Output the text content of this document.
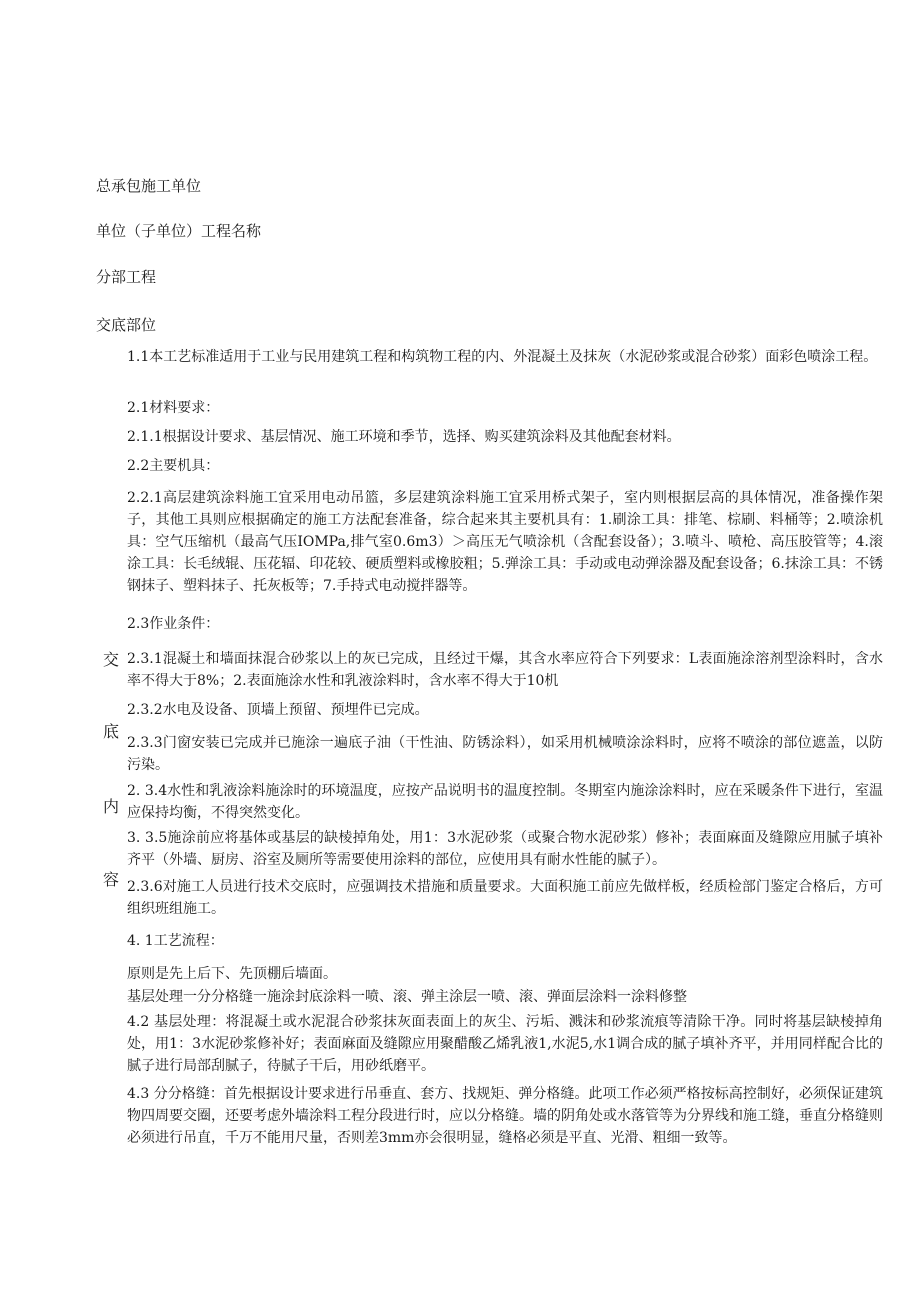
总承包施工单位
单位（子单位）工程名称
分部工程
交底部位
交
底
内
容
1.1本工艺标准适用于工业与民用建筑工程和构筑物工程的内、外混凝土及抹灰（水泥砂浆或混合砂浆）面彩色喷涂工程。
2.1材料要求：
2.1.1根据设计要求、基层情况、施工环境和季节，选择、购买建筑涂料及其他配套材料。
2.2主要机具：
2.2.1高层建筑涂料施工宜采用电动吊篮，多层建筑涂料施工宜采用桥式架子，室内则根据层高的具体情况，准备操作架子，其他工具则应根据确定的施工方法配套准备，综合起来其主要机具有：1.刷涂工具：排笔、棕刷、料桶等；2.喷涂机具：空气压缩机（最高气压IOMPa,排气室0.6m3）＞高压无气喷涂机（含配套设备）；3.喷斗、喷枪、高压胶管等；4.滚涂工具：长毛绒辊、压花辐、印花较、硬质塑料或橡胶粗；5.弹涂工具：手动或电动弹涂器及配套设备；6.抹涂工具：不锈钢抹子、塑料抹子、托灰板等；7.手持式电动搅拌器等。
2.3作业条件：
2.3.1混凝土和墙面抹混合砂浆以上的灰已完成，且经过干爆，其含水率应符合下列要求：L表面施涂溶剂型涂料时，含水率不得大于8%；2.表面施涂水性和乳液涂料时，含水率不得大于10机
2.3.2水电及设备、顶墙上预留、预埋件已完成。
2.3.3门窗安装已完成并已施涂一遍底子油（干性油、防锈涂料），如采用机械喷涂涂料时，应将不喷涂的部位遮盖，以防污染。
2. 3.4水性和乳液涂料施涂时的环境温度，应按产品说明书的温度控制。冬期室内施涂涂料时，应在采暖条件下进行，室温应保持均衡，不得突然变化。
3. 3.5施涂前应将基体或基层的缺棱掉角处，用1：3水泥砂浆（或聚合物水泥砂浆）修补；表面麻面及缝隙应用腻子填补齐平（外墙、厨房、浴室及厕所等需要使用涂料的部位，应使用具有耐水性能的腻子）。
2.3.6对施工人员进行技术交底时，应强调技术措施和质量要求。大面积施工前应先做样板，经质检部门鉴定合格后，方可组织班组施工。
4. 1工艺流程：
原则是先上后下、先顶棚后墙面。
基层处理一分分格缝一施涂封底涂料一喷、滚、弹主涂层一喷、滚、弹面层涂料一涂料修整
4.2 基层处理：将混凝土或水泥混合砂浆抹灰面表面上的灰尘、污垢、溅沫和砂浆流痕等清除干净。同时将基层缺棱掉角处，用1：3水泥砂浆修补好；表面麻面及缝隙应用聚醋酸乙烯乳液1,水泥5,水1调合成的腻子填补齐平，并用同样配合比的腻子进行局部刮腻子，待腻子干后，用砂纸磨平。
4.3 分分格缝：首先根据设计要求进行吊垂直、套方、找规矩、弹分格缝。此项工作必须严格按标高控制好，必须保证建筑物四周要交圈，还要考虑外墙涂料工程分段进行时，应以分格缝。墙的阴角处或水落管等为分界线和施工缝，垂直分格缝则必须进行吊直，千万不能用尺量，否则差3mm亦会很明显，缝格必须是平直、光滑、粗细一致等。
